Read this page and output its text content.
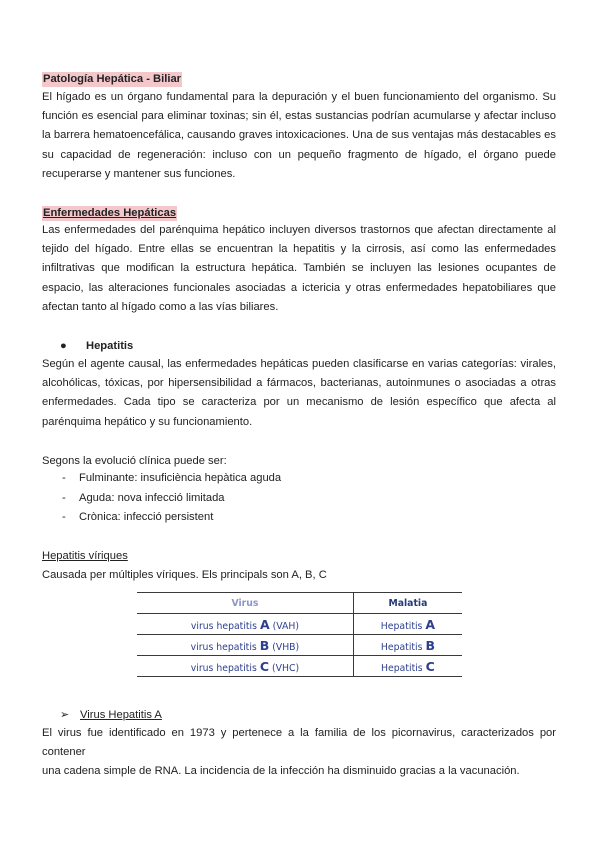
Patología Hepática - Biliar

El hígado es un órgano fundamental para la depuración y el buen funcionamiento del organismo. Su

función es esencial para eliminar toxinas; sin él, estas sustancias podrían acumularse y afectar incluso

la barrera hematoencefálica, causando graves intoxicaciones. Una de sus ventajas más destacables es

su capacidad de regeneración: incluso con un pequeño fragmento de hígado, el órgano puede

recuperarse y mantener sus funciones.

Enfermedades Hepáticas

Las enfermedades del parénquima hepático incluyen diversos trastornos que afectan directamente al

tejido del hígado. Entre ellas se encuentran la hepatitis y la cirrosis, así como las enfermedades

infiltrativas que modifican la estructura hepática. También se incluyen las lesiones ocupantes de

espacio, las alteraciones funcionales asociadas a ictericia y otras enfermedades hepatobiliares que

afectan tanto al hígado como a las vías biliares.

● Hepatitis

Según el agente causal, las enfermedades hepáticas pueden clasificarse en varias categorías: virales,

alcohólicas, tóxicas, por hipersensibilidad a fármacos, bacterianas, autoinmunes o asociadas a otras

enfermedades. Cada tipo se caracteriza por un mecanismo de lesión específico que afecta al

parénquima hepático y su funcionamiento.

Segons la evolució clínica puede ser:

- Fulminante: insuficiència hepàtica aguda
- Aguda: nova infecció limitada
- Crònica: infecció persistent
Hepatitis víriques

Causada per múltiples víriques. Els principals son A, B, C

Virus	Malatia
virus hepatitis A (VAH)	Hepatitis A
virus hepatitis B (VHB)	Hepatitis B
virus hepatitis C (VHC)	Hepatitis C
➢ Virus Hepatitis A

El virus fue identificado en 1973 y pertenece a la familia de los picornavirus, caracterizados por contener

una cadena simple de RNA. La incidencia de la infección ha disminuido gracias a la vacunación.
